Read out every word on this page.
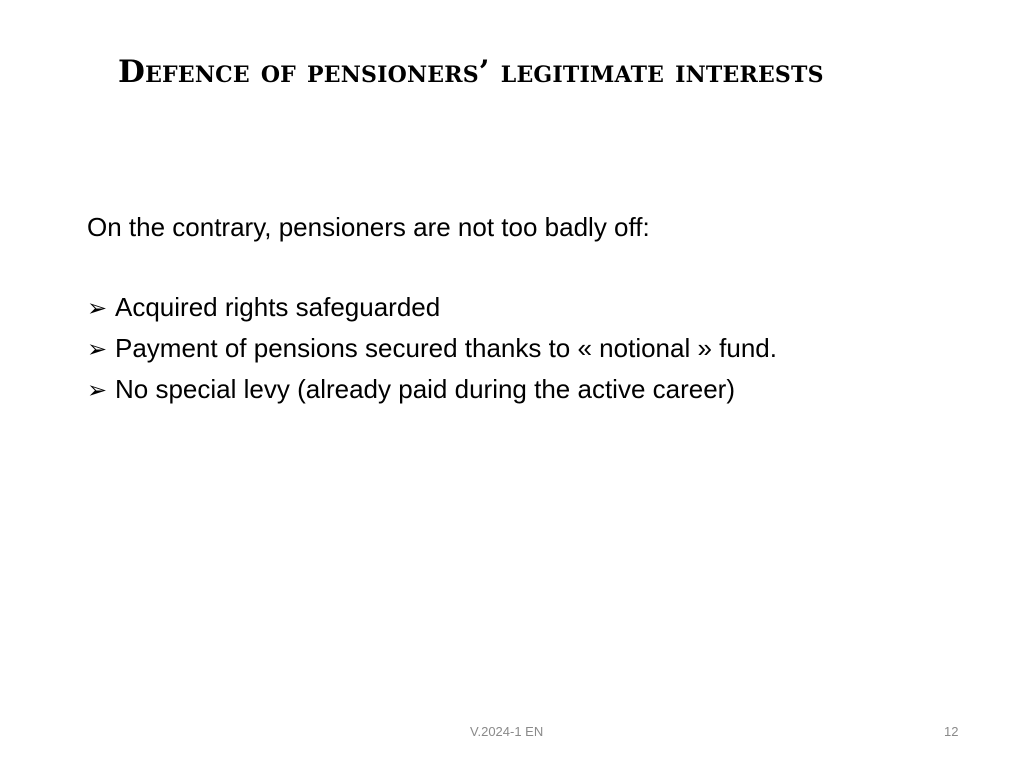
Defence of pensioners’ legitimate interests

On the contrary, pensioners are not too badly off:

➢ Acquired rights safeguarded
➢ Payment of pensions secured thanks to « notional » fund.
➢ No special levy (already paid during the active career)
V.2024-1 EN	12
